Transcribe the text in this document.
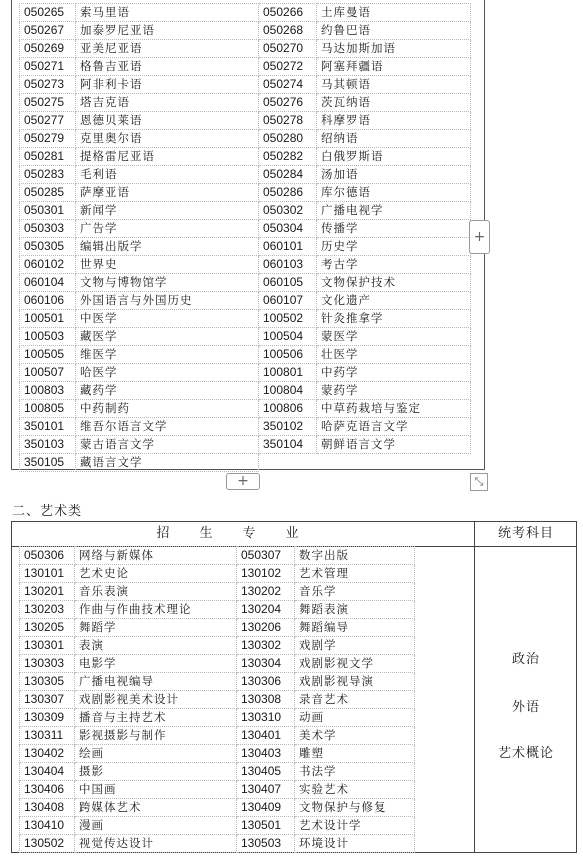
050265	索马里语	050266	土库曼语
050267	加泰罗尼亚语	050268	约鲁巴语
050269	亚美尼亚语	050270	马达加斯加语
050271	格鲁吉亚语	050272	阿塞拜疆语
050273	阿非利卡语	050274	马其顿语
050275	塔吉克语	050276	茨瓦纳语
050277	恩德贝莱语	050278	科摩罗语
050279	克里奥尔语	050280	绍纳语
050281	提格雷尼亚语	050282	白俄罗斯语
050283	毛利语	050284	汤加语
050285	萨摩亚语	050286	库尔德语
050301	新闻学	050302	广播电视学
050303	广告学	050304	传播学
050305	编辑出版学	060101	历史学
060102	世界史	060103	考古学
060104	文物与博物馆学	060105	文物保护技术
060106	外国语言与外国历史	060107	文化遗产
100501	中医学	100502	针灸推拿学
100503	藏医学	100504	蒙医学
100505	维医学	100506	壮医学
100507	哈医学	100801	中药学
100803	藏药学	100804	蒙药学
100805	中药制药	100806	中草药栽培与鉴定
350101	维吾尔语言文学	350102	哈萨克语言文学
350103	蒙古语言文学	350104	朝鲜语言文学
350105	藏语言文学		
+
+	⤡
二、艺术类
招生专业	统考科目
050306	网络与新媒体	050307	数字出版
130101	艺术史论	130102	艺术管理
130201	音乐表演	130202	音乐学
130203	作曲与作曲技术理论	130204	舞蹈表演
130205	舞蹈学	130206	舞蹈编导
130301	表演	130302	戏剧学
130303	电影学	130304	戏剧影视文学
130305	广播电视编导	130306	戏剧影视导演
130307	戏剧影视美术设计	130308	录音艺术
130309	播音与主持艺术	130310	动画
130311	影视摄影与制作	130401	美术学
130402	绘画	130403	雕塑
130404	摄影	130405	书法学
130406	中国画	130407	实验艺术
130408	跨媒体艺术	130409	文物保护与修复
130410	漫画	130501	艺术设计学
130502	视觉传达设计	130503	环境设计
政治
外语
艺术概论
